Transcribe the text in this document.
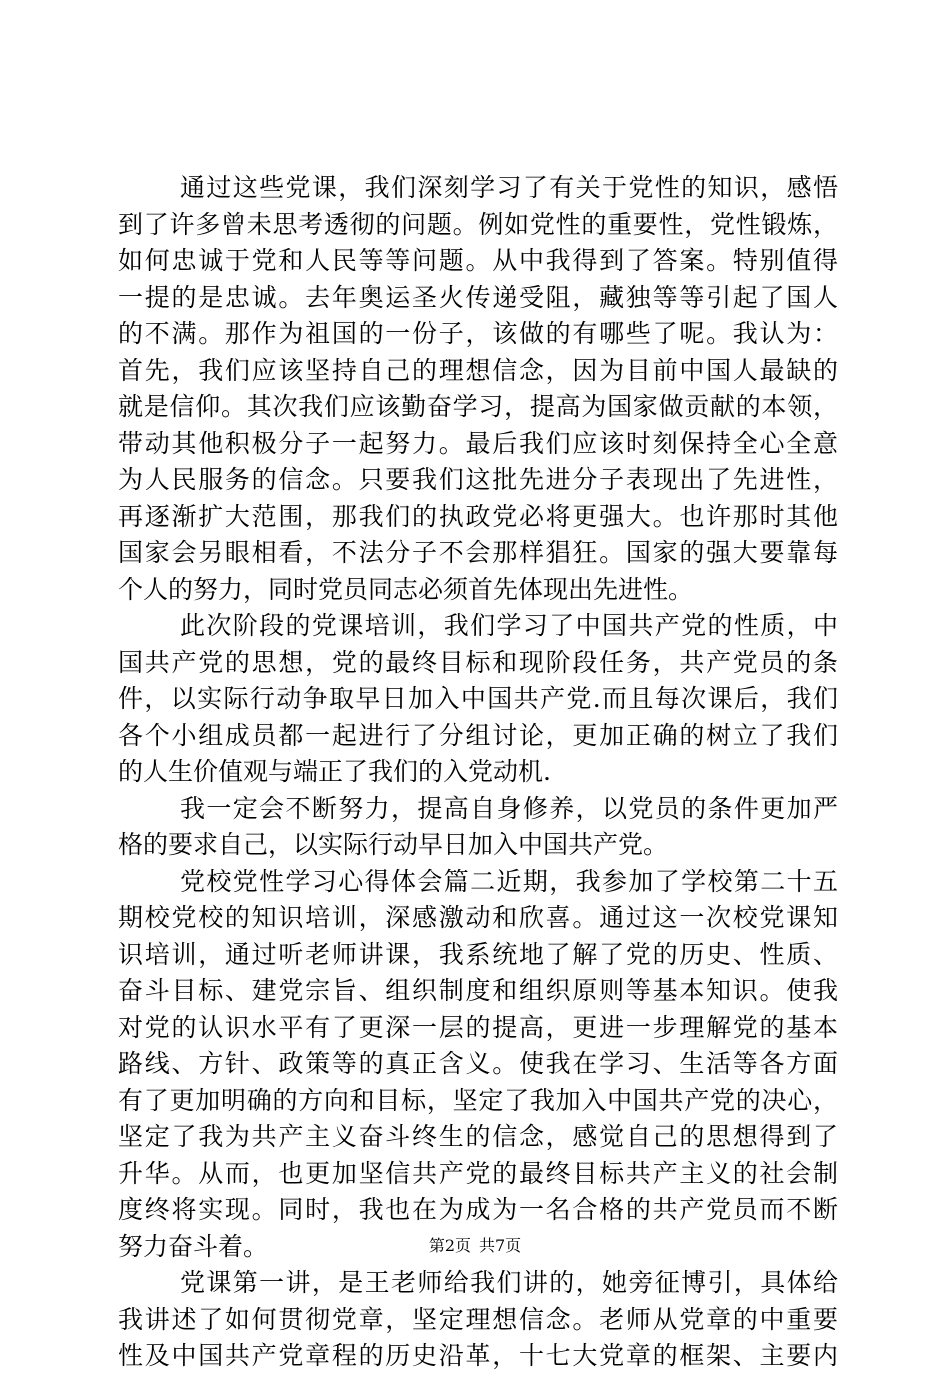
通过这些党课，我们深刻学习了有关于党性的知识，感悟
到了许多曾未思考透彻的问题。例如党性的重要性，党性锻炼，
如何忠诚于党和人民等等问题。从中我得到了答案。特别值得
一提的是忠诚。去年奥运圣火传递受阻，藏独等等引起了国人
的不满。那作为祖国的一份子，该做的有哪些了呢。我认为：
首先，我们应该坚持自己的理想信念，因为目前中国人最缺的
就是信仰。其次我们应该勤奋学习，提高为国家做贡献的本领，
带动其他积极分子一起努力。最后我们应该时刻保持全心全意
为人民服务的信念。只要我们这批先进分子表现出了先进性，
再逐渐扩大范围，那我们的执政党必将更强大。也许那时其他
国家会另眼相看，不法分子不会那样猖狂。国家的强大要靠每
个人的努力，同时党员同志必须首先体现出先进性。
此次阶段的党课培训，我们学习了中国共产党的性质，中
国共产党的思想，党的最终目标和现阶段任务，共产党员的条
件，以实际行动争取早日加入中国共产党.而且每次课后，我们
各个小组成员都一起进行了分组讨论，更加正确的树立了我们
的人生价值观与端正了我们的入党动机.
我一定会不断努力，提高自身修养，以党员的条件更加严
格的要求自己，以实际行动早日加入中国共产党。
党校党性学习心得体会篇二近期，我参加了学校第二十五
期校党校的知识培训，深感激动和欣喜。通过这一次校党课知
识培训，通过听老师讲课，我系统地了解了党的历史、性质、
奋斗目标、建党宗旨、组织制度和组织原则等基本知识。使我
对党的认识水平有了更深一层的提高，更进一步理解党的基本
路线、方针、政策等的真正含义。使我在学习、生活等各方面
有了更加明确的方向和目标，坚定了我加入中国共产党的决心，
坚定了我为共产主义奋斗终生的信念，感觉自己的思想得到了
升华。从而，也更加坚信共产党的最终目标共产主义的社会制
度终将实现。同时，我也在为成为一名合格的共产党员而不断
努力奋斗着。
党课第一讲，是王老师给我们讲的，她旁征博引，具体给
我讲述了如何贯彻党章，坚定理想信念。老师从党章的中重要
性及中国共产党章程的历史沿革，十七大党章的框架、主要内
第2页 共7页
